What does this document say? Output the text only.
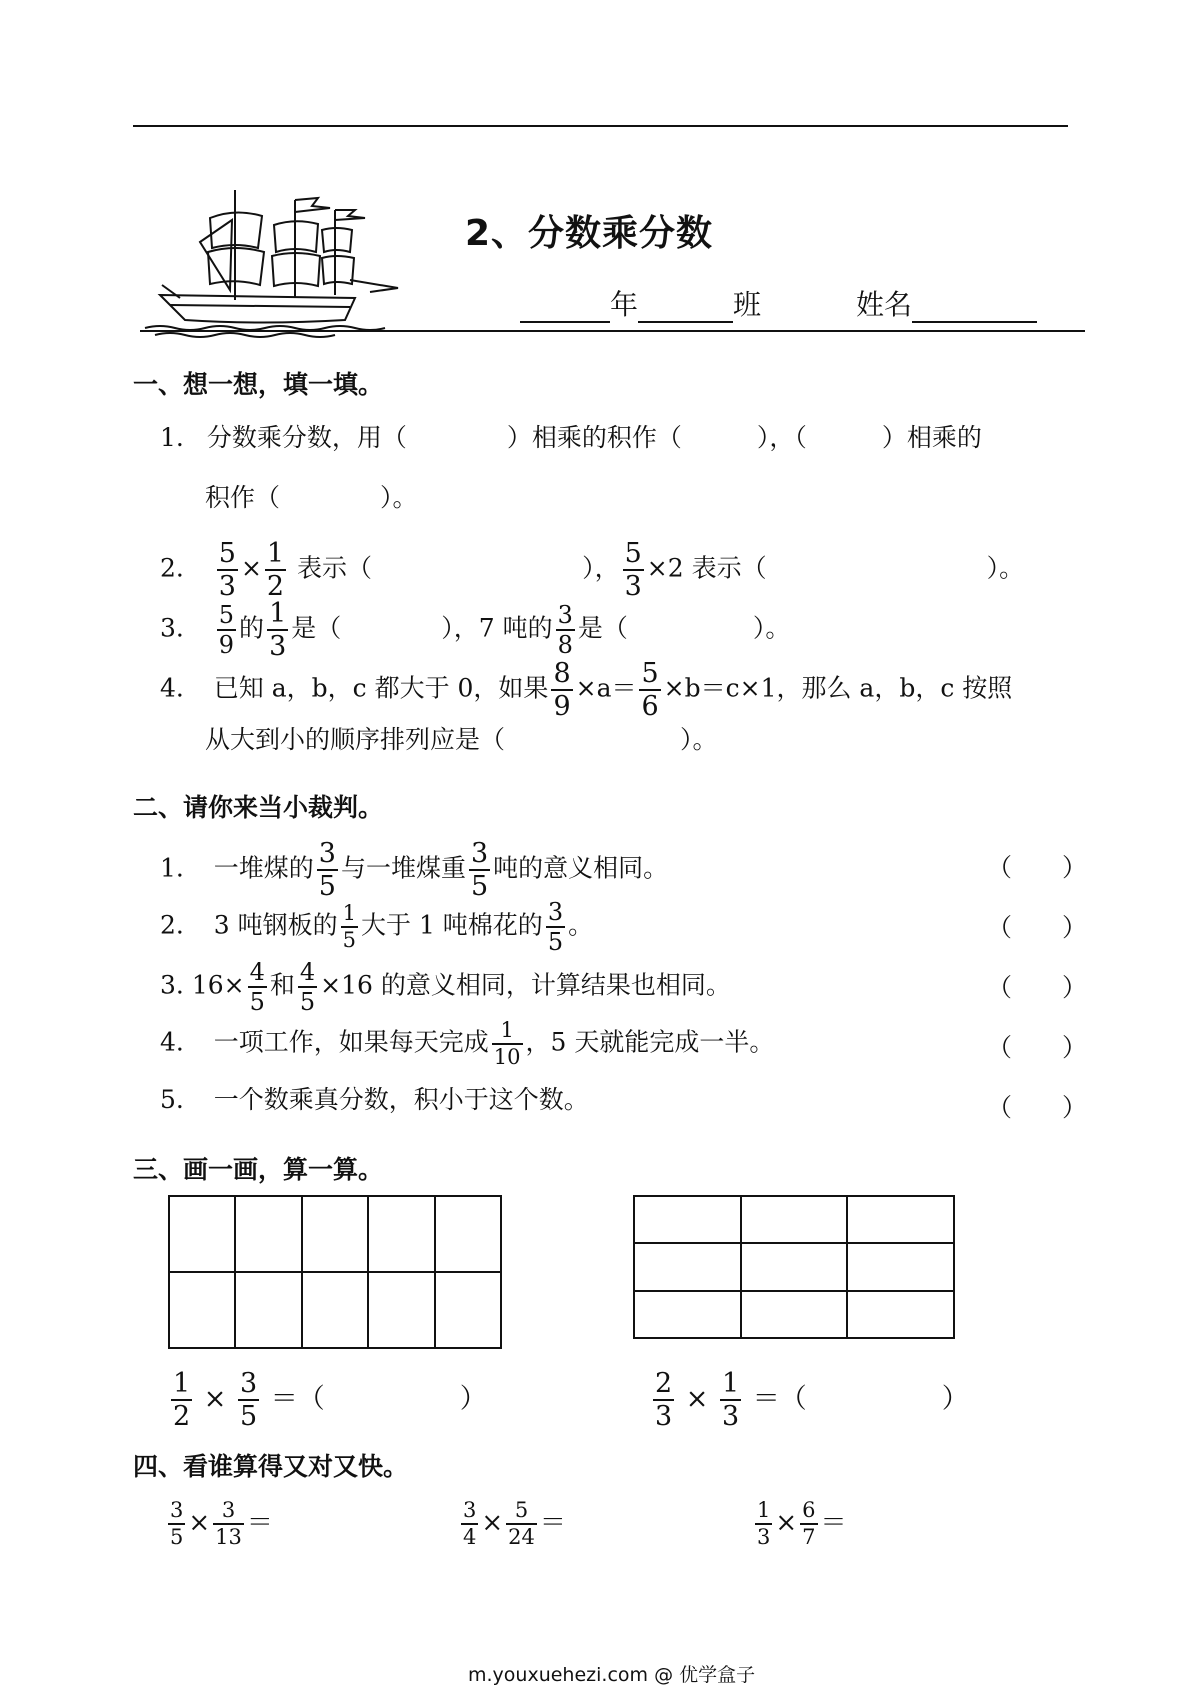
2、分数乘分数
年	班	姓名
一、想一想，填一填。
1. 分数乘分数，用（　　　　）相乘的积作（　　　），（　　　）相乘的
积作（　　　　）。
2. $\frac{5}{3} \times \frac{1}{2}$ 表示（	）， $\frac{5}{3} \times 2$ 表示（	）。
3. $\frac{5}{9}$ 的 $\frac{1}{3}$ 是（　　　　），7 吨的 $\frac{3}{8}$ 是（　　　　　）。
4. 已知 a，b，c 都大于 0，如果 $\frac{8}{9} \times a= \frac{5}{6} \times b=c\times 1$，那么 a，b，c 按照
从大到小的顺序排列应是（　　　　　　　）。
二、请你来当小裁判。
1. 一堆煤的 $\frac{3}{5}$ 与一堆煤重 $\frac{3}{5}$ 吨的意义相同。	（　　）
2. 3 吨钢板的 $\frac{1}{5}$ 大于 1 吨棉花的 $\frac{3}{5}$ 。	（　　）
3. $16\times \frac{4}{5}$ 和 $\frac{4}{5} \times 16$ 的意义相同，计算结果也相同。	（　　）
4. 一项工作，如果每天完成 $\frac{1}{10}$ ，5 天就能完成一半。	（　　）
5. 一个数乘真分数，积小于这个数。	（　　）
三、画一画，算一算。

$\frac{1}{2} \times \frac{3}{5}$ ＝（　　　　　）	$\frac{2}{3} \times \frac{1}{3}$ ＝（　　　　　）
四、看谁算得又对又快。
$\frac{3}{5} \times \frac{3}{13}$ ＝	$\frac{3}{4} \times \frac{5}{24}$ ＝	$\frac{1}{3} \times \frac{6}{7}$ ＝
m.youxuehezi.com @ 优学盒子
